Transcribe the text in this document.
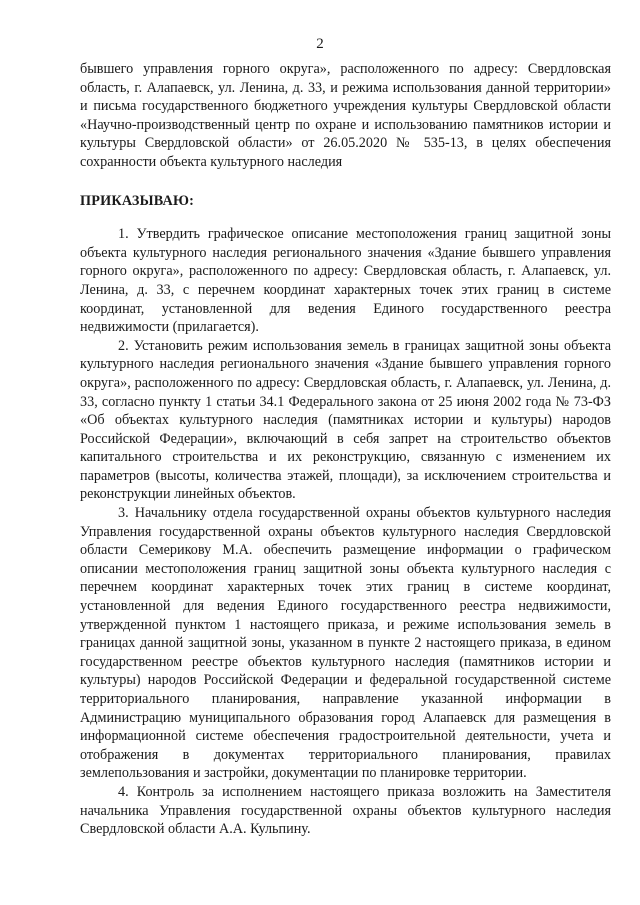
2

бывшего управления горного округа», расположенного по адресу: Свердловская область, г. Алапаевск, ул. Ленина, д. 33, и режима использования данной территории» и письма государственного бюджетного учреждения культуры Свердловской области «Научно-производственный центр по охране и использованию памятников истории и культуры Свердловской области» от 26.05.2020 № 535-13, в целях обеспечения сохранности объекта культурного наследия

ПРИКАЗЫВАЮ:

1. Утвердить графическое описание местоположения границ защитной зоны объекта культурного наследия регионального значения «Здание бывшего управления горного округа», расположенного по адресу: Свердловская область, г. Алапаевск, ул. Ленина, д. 33, с перечнем координат характерных точек этих границ в системе координат, установленной для ведения Единого государственного реестра недвижимости (прилагается).

2. Установить режим использования земель в границах защитной зоны объекта культурного наследия регионального значения «Здание бывшего управления горного округа», расположенного по адресу: Свердловская область, г. Алапаевск, ул. Ленина, д. 33, согласно пункту 1 статьи 34.1 Федерального закона от 25 июня 2002 года № 73-ФЗ «Об объектах культурного наследия (памятниках истории и культуры) народов Российской Федерации», включающий в себя запрет на строительство объектов капитального строительства и их реконструкцию, связанную с изменением их параметров (высоты, количества этажей, площади), за исключением строительства и реконструкции линейных объектов.

3. Начальнику отдела государственной охраны объектов культурного наследия Управления государственной охраны объектов культурного наследия Свердловской области Семерикову М.А. обеспечить размещение информации о графическом описании местоположения границ защитной зоны объекта культурного наследия с перечнем координат характерных точек этих границ в системе координат, установленной для ведения Единого государственного реестра недвижимости, утвержденной пунктом 1 настоящего приказа, и режиме использования земель в границах данной защитной зоны, указанном в пункте 2 настоящего приказа, в едином государственном реестре объектов культурного наследия (памятников истории и культуры) народов Российской Федерации и федеральной государственной системе территориального планирования, направление указанной информации в Администрацию муниципального образования город Алапаевск для размещения в информационной системе обеспечения градостроительной деятельности, учета и отображения в документах территориального планирования, правилах землепользования и застройки, документации по планировке территории.

4. Контроль за исполнением настоящего приказа возложить на Заместителя начальника Управления государственной охраны объектов культурного наследия Свердловской области А.А. Кульпину.
